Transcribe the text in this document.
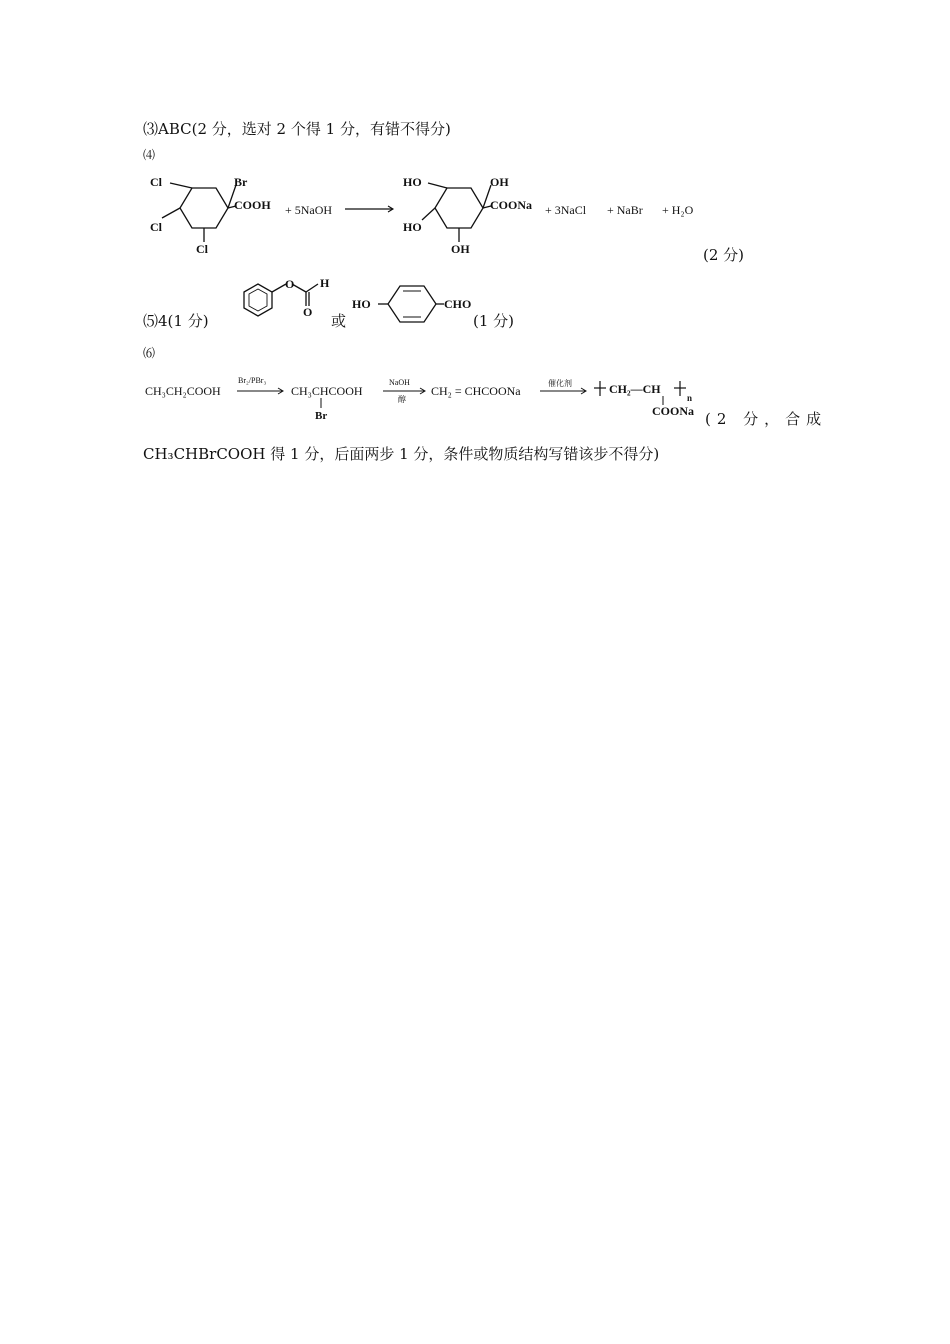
⑶ABC(2 分，选对 2 个得 1 分，有错不得分)
⑷
Cl
Cl
Cl
Br
COOH + 5NaOH
HO
HO
OH
OH
COONa + 3NaCl + NaBr + H₂O
(2 分)
⑸4(1 分)
O H
O 或
HO	CHO
(1 分)
⑹
CH₃CH₂COOH
Br₂/PBr₃
CH₃CHCOOH
Br
NaOH
醇
CH₂ = CHCOONa
催化剂	CH₂—CH
n
COONa (2 分，合成
CH₃CHBrCOOH 得 1 分，后面两步 1 分，条件或物质结构写错该步不得分)
